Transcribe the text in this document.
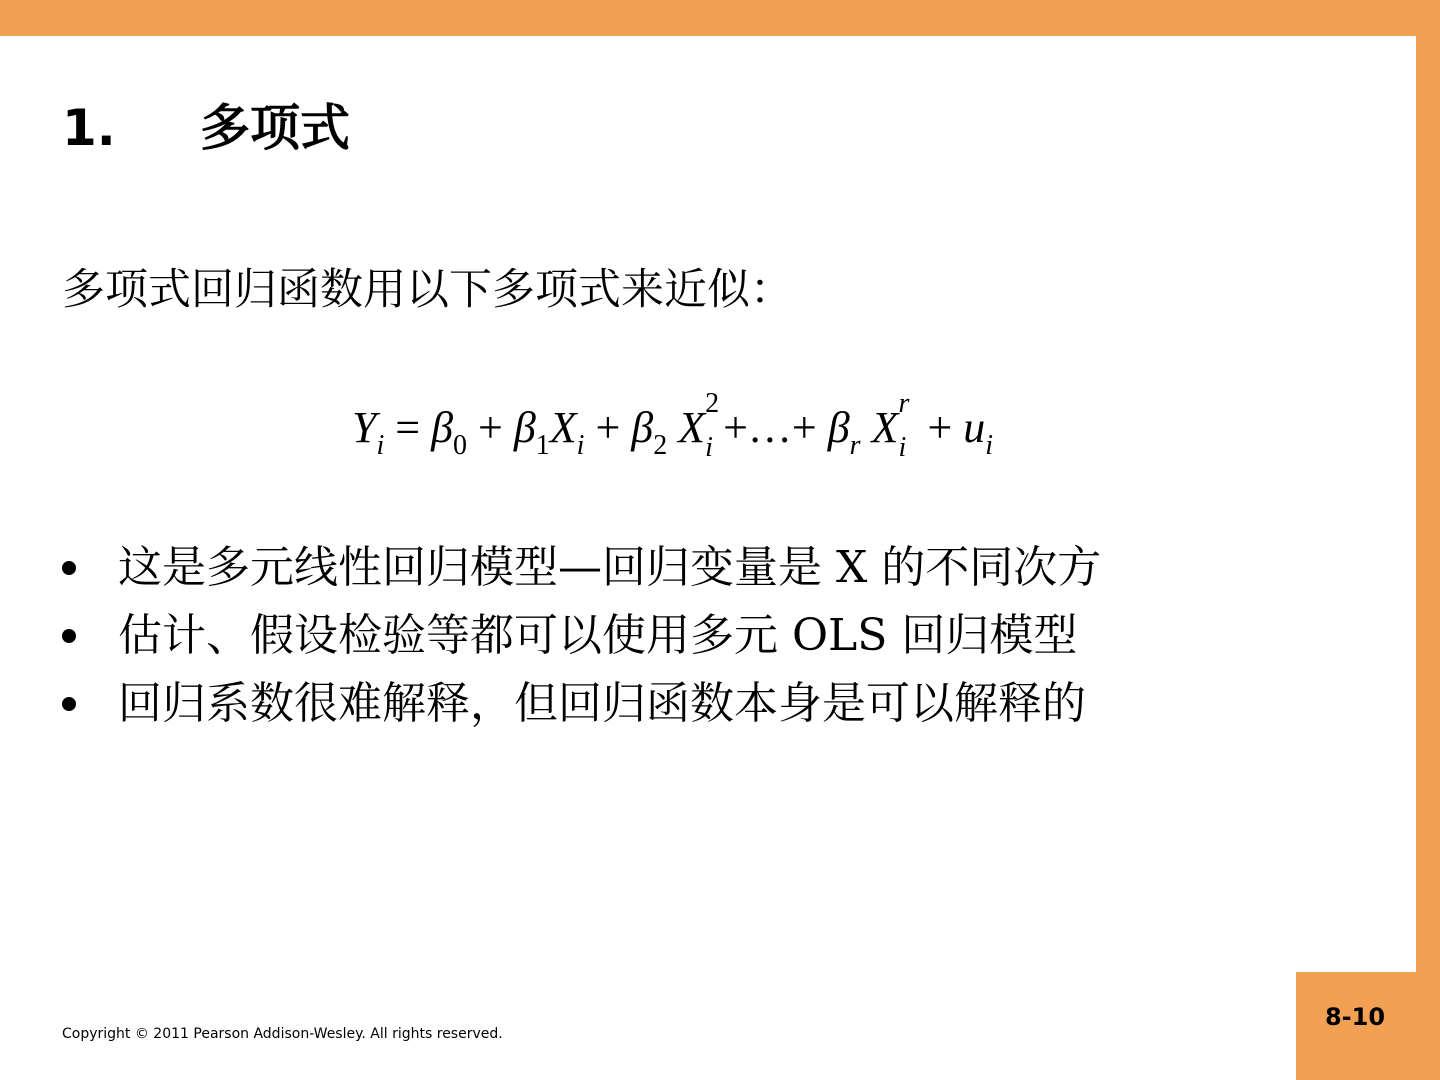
8-10
1. 多项式
多项式回归函数用以下多项式来近似：
$Y_i = \beta_0 + \beta_1X_i + \beta_2$ X 2
i +…+ $\beta_r$ X r
$i + u_i$
这是多元线性回归模型—回归变量是 X 的不同次方
估计、假设检验等都可以使用多元 OLS 回归模型
回归系数很难解释，但回归函数本身是可以解释的
Copyright © 2011 Pearson Addison-Wesley. All rights reserved.
